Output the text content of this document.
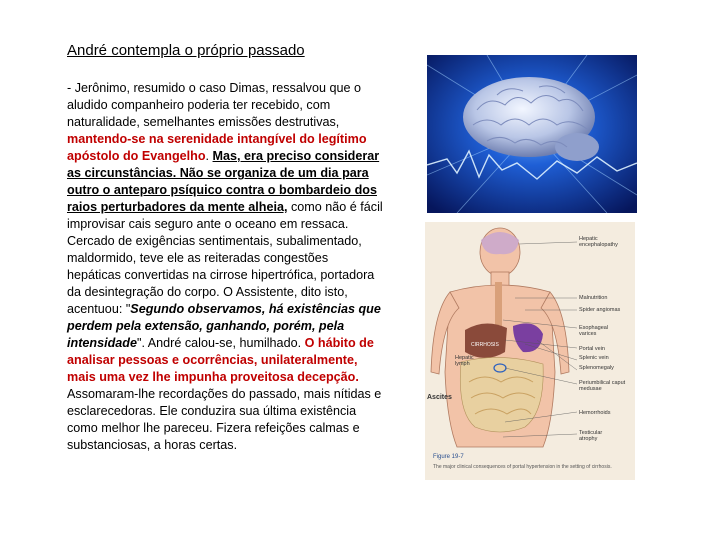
André contempla o próprio passado
- Jerônimo, resumido o caso Dimas, ressalvou que o aludido companheiro poderia ter recebido, com naturalidade, semelhantes emissões destrutivas, mantendo-se na serenidade intangível do legítimo apóstolo do Evangelho. Mas, era preciso considerar as circunstâncias. Não se organiza de um dia para outro o anteparo psíquico contra o bombardeio dos raios perturbadores da mente alheia, como não é fácil improvisar cais seguro ante o oceano em ressaca. Cercado de exigências sentimentais, subalimentado, maldormido, teve ele as reiteradas congestões hepáticas convertidas na cirrose hipertrófica, portadora da desintegração do corpo. O Assistente, dito isto, acentuou: "Segundo observamos, há existências que perdem pela extensão, ganhando, porém, pela intensidade". André calou-se, humilhado. O hábito de analisar pessoas e ocorrências, unilateralmente, mais uma vez lhe impunha proveitosa decepção. Assomaram-lhe recordações do passado, mais nítidas e esclarecedoras. Ele conduzira sua última existência como melhor lhe pareceu. Fizera refeições calmas e substanciosas, a horas certas.
CIRRHOSIS
Hepatic encephalopathy
Malnutrition
Spider angiomas
Esophageal varices
Portal vein
Splenic vein
Splenomegaly
Periumbilical caput medusae
Hemorrhoids
Testicular atrophy
Hepatic lymph
Ascites
Figure 19-7
The major clinical consequences of portal hypertension in the setting of cirrhosis.
